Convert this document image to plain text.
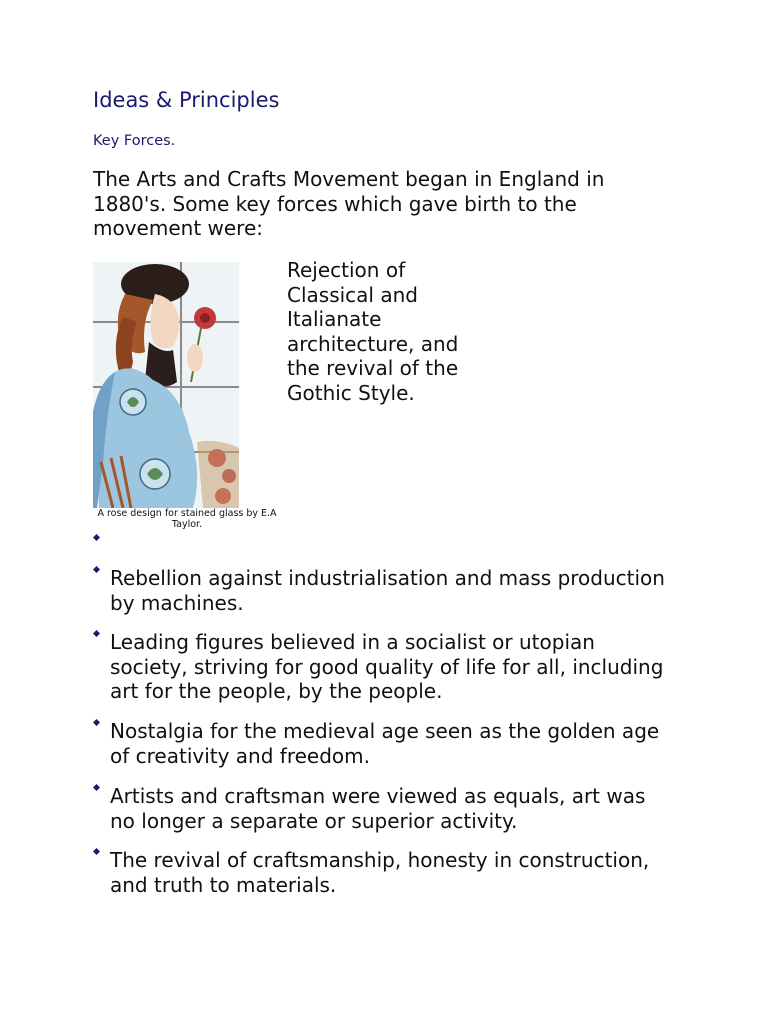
Ideas & Principles

Key Forces.

The Arts and Crafts Movement began in England in 1880's. Some key forces which gave birth to the movement were:

A rose design for stained glass by E.A Taylor.

Rejection of Classical and Italianate architecture, and the revival of the Gothic Style.

Rebellion against industrialisation and mass production by machines.

Leading figures believed in a socialist or utopian society, striving for good quality of life for all, including art for the people, by the people.

Nostalgia for the medieval age seen as the golden age of creativity and freedom.

Artists and craftsman were viewed as equals, art was no longer a separate or superior activity.

The revival of craftsmanship, honesty in construction, and truth to materials.
